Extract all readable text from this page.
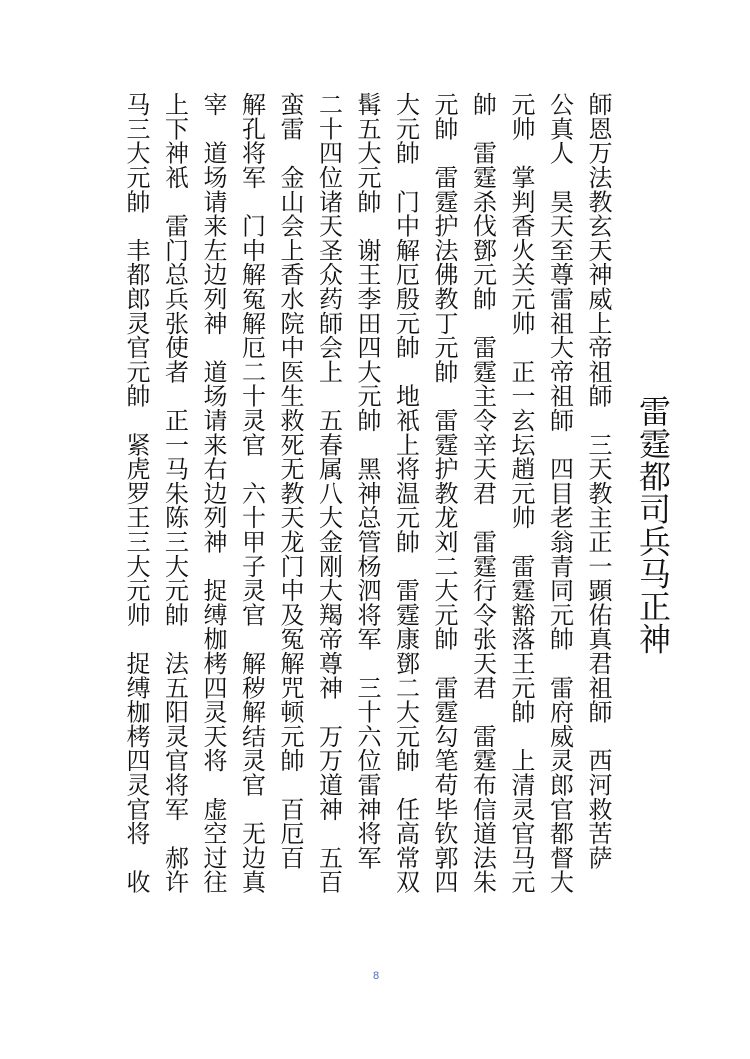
雷霆都司兵马正神
師恩万法教玄天神威上帝祖師　三天教主正一顕佑真君祖師　西河救苦萨
公真人　昊天至尊雷祖大帝祖師　四目老翁青同元帥　雷府威灵郎官都督大
元帅　掌判香火关元帅　正一玄坛趙元帅　雷霆豁落王元帥　上清灵官马元
帥　雷霆杀伐鄧元帥　雷霆主令辛天君　雷霆行令张天君　雷霆布信道法朱
元帥　雷霆护法佛教丁元帥　雷霆护教龙刘二大元帥　雷霆勾笔苟毕钦郭四
大元帥　门中解厄殷元帥　地衹上将温元帥　雷霆康鄧二大元帥　任高常双
髯五大元帥　谢王李田四大元帥　黑神总管杨泗将军　三十六位雷神将军
二十四位诸天圣众药師会上　五春属八大金刚大羯帝尊神　万万道神　五百
蛮雷　金山会上香水院中医生救死无教天龙门中及冤解咒顿元帥　百厄百
解孔将军　门中解冤解厄二十灵官　六十甲子灵官　解秽解结灵官　无边真
宰　道场请来左边列神　道场请来右边列神　捉缚枷栲四灵天将　虚空过往
上下神衹　雷门总兵张使者　正一马朱陈三大元帥　法五阳灵官将军　郝许
马三大元帥　丰都郎灵官元帥　紧虎罗王三大元帅　捉缚枷栲四灵官将　收
8
